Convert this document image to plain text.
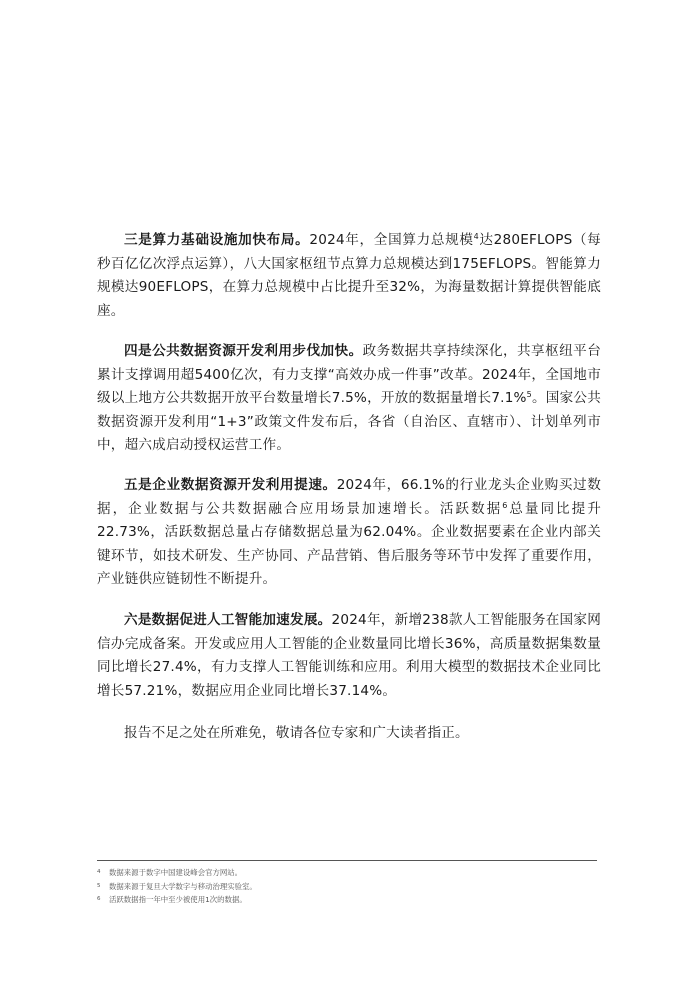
三是算力基础设施加快布局。2024年，全国算力总规模$^4$达280EFLOPS（每秒百亿亿次浮点运算），八大国家枢纽节点算力总规模达到175EFLOPS。智能算力规模达90EFLOPS，在算力总规模中占比提升至32%，为海量数据计算提供智能底座。

四是公共数据资源开发利用步伐加快。政务数据共享持续深化，共享枢纽平台累计支撑调用超5400亿次，有力支撑“高效办成一件事”改革。2024年，全国地市级以上地方公共数据开放平台数量增长7.5%，开放的数据量增长7.1%$^5$。国家公共数据资源开发利用“1+3”政策文件发布后，各省（自治区、直辖市）、计划单列市中，超六成启动授权运营工作。

五是企业数据资源开发利用提速。2024年，66.1%的行业龙头企业购买过数据，企业数据与公共数据融合应用场景加速增长。活跃数据$^6$总量同比提升22.73%，活跃数据总量占存储数据总量为62.04%。企业数据要素在企业内部关键环节，如技术研发、生产协同、产品营销、售后服务等环节中发挥了重要作用，产业链供应链韧性不断提升。

六是数据促进人工智能加速发展。2024年，新增238款人工智能服务在国家网信办完成备案。开发或应用人工智能的企业数量同比增长36%，高质量数据集数量同比增长27.4%，有力支撑人工智能训练和应用。利用大模型的数据技术企业同比增长57.21%，数据应用企业同比增长37.14%。

报告不足之处在所难免，敬请各位专家和广大读者指正。

4 数据来源于数字中国建设峰会官方网站。

5 数据来源于复旦大学数字与移动治理实验室。

6 活跃数据指一年中至少被使用1次的数据。
